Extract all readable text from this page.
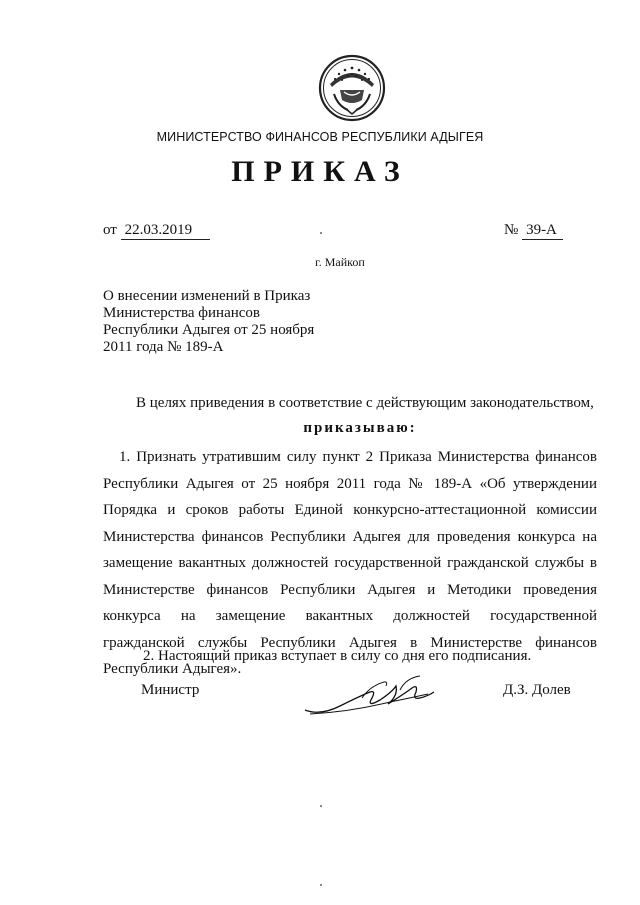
МИНИСТЕРСТВО ФИНАНСОВ РЕСПУБЛИКИ АДЫГЕЯ
ПРИКАЗ
от 22.03.2019	№ 39-А
г. Майкоп
О внесении изменений в Приказ
Министерства финансов
Республики Адыгея от 25 ноября
2011 года № 189-А
В целях приведения в соответствие с действующим законодательством,
приказываю:
1. Признать утратившим силу пункт 2 Приказа Министерства финансов Республики Адыгея от 25 ноября 2011 года № 189-А «Об утверждении Порядка и сроков работы Единой конкурсно-аттестационной комиссии Министерства финансов Республики Адыгея для проведения конкурса на замещение вакантных должностей государственной гражданской службы в Министерстве финансов Республики Адыгея и Методики проведения конкурса на замещение вакантных должностей государственной гражданской службы Республики Адыгея в Министерстве финансов Республики Адыгея».
2. Настоящий приказ вступает в силу со дня его подписания.
Министр	Д.З. Долев
